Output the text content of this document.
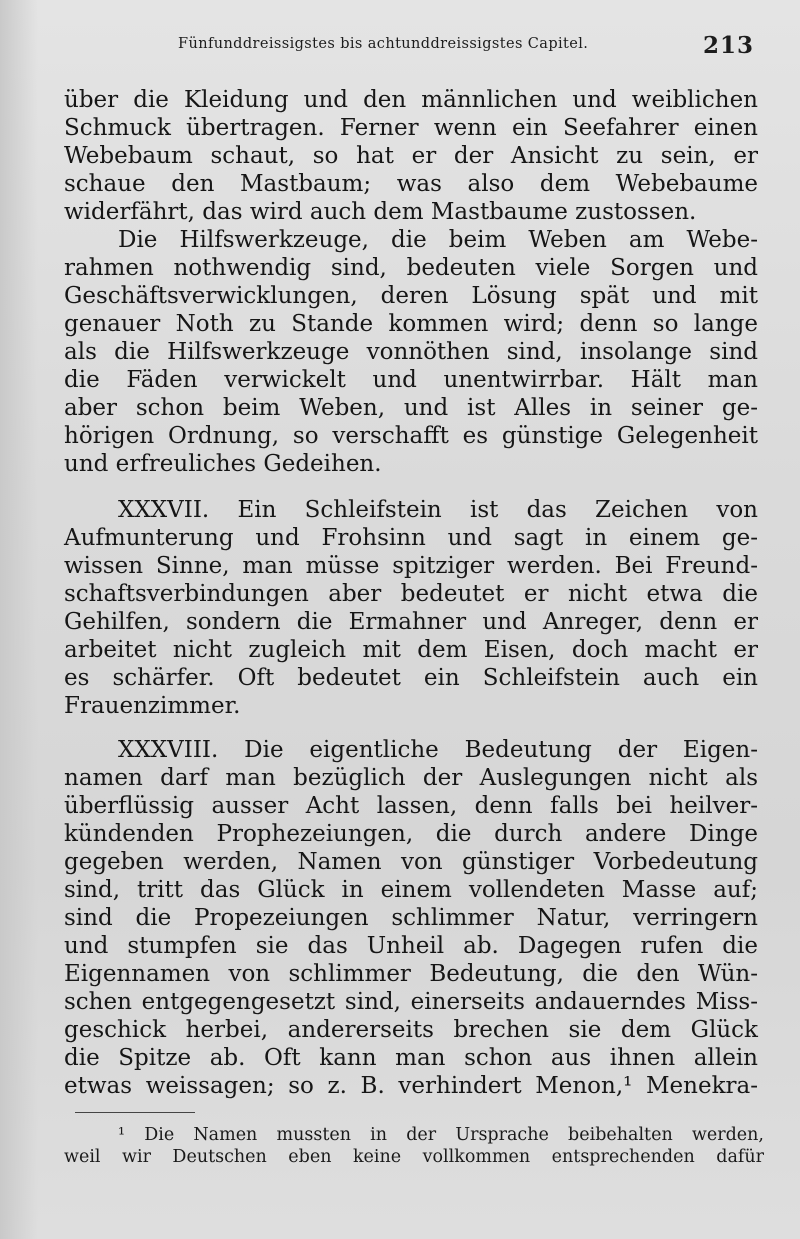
Fünfunddreissigstes bis achtunddreissigstes Capitel.	213
über die Kleidung und den männlichen und weiblichen
Schmuck übertragen. Ferner wenn ein Seefahrer einen
Webebaum schaut, so hat er der Ansicht zu sein, er
schaue den Mastbaum; was also dem Webebaume
widerfährt, das wird auch dem Mastbaume zustossen.
Die Hilfswerkzeuge, die beim Weben am Webe-
rahmen nothwendig sind, bedeuten viele Sorgen und
Geschäftsverwicklungen, deren Lösung spät und mit
genauer Noth zu Stande kommen wird; denn so lange
als die Hilfswerkzeuge vonnöthen sind, insolange sind
die Fäden verwickelt und unentwirrbar. Hält man
aber schon beim Weben, und ist Alles in seiner ge-
hörigen Ordnung, so verschafft es günstige Gelegenheit
und erfreuliches Gedeihen.
XXXVII. Ein Schleifstein ist das Zeichen von
Aufmunterung und Frohsinn und sagt in einem ge-
wissen Sinne, man müsse spitziger werden. Bei Freund-
schaftsverbindungen aber bedeutet er nicht etwa die
Gehilfen, sondern die Ermahner und Anreger, denn er
arbeitet nicht zugleich mit dem Eisen, doch macht er
es schärfer. Oft bedeutet ein Schleifstein auch ein
Frauenzimmer.
XXXVIII. Die eigentliche Bedeutung der Eigen-
namen darf man bezüglich der Auslegungen nicht als
überflüssig ausser Acht lassen, denn falls bei heilver-
kündenden Prophezeiungen, die durch andere Dinge
gegeben werden, Namen von günstiger Vorbedeutung
sind, tritt das Glück in einem vollendeten Masse auf;
sind die Propezeiungen schlimmer Natur, verringern
und stumpfen sie das Unheil ab. Dagegen rufen die
Eigennamen von schlimmer Bedeutung, die den Wün-
schen entgegengesetzt sind, einerseits andauerndes Miss-
geschick herbei, andererseits brechen sie dem Glück
die Spitze ab. Oft kann man schon aus ihnen allein
etwas weissagen; so z. B. verhindert Menon,¹ Menekra-
¹ Die Namen mussten in der Ursprache beibehalten werden,
weil wir Deutschen eben keine vollkommen entsprechenden dafür
